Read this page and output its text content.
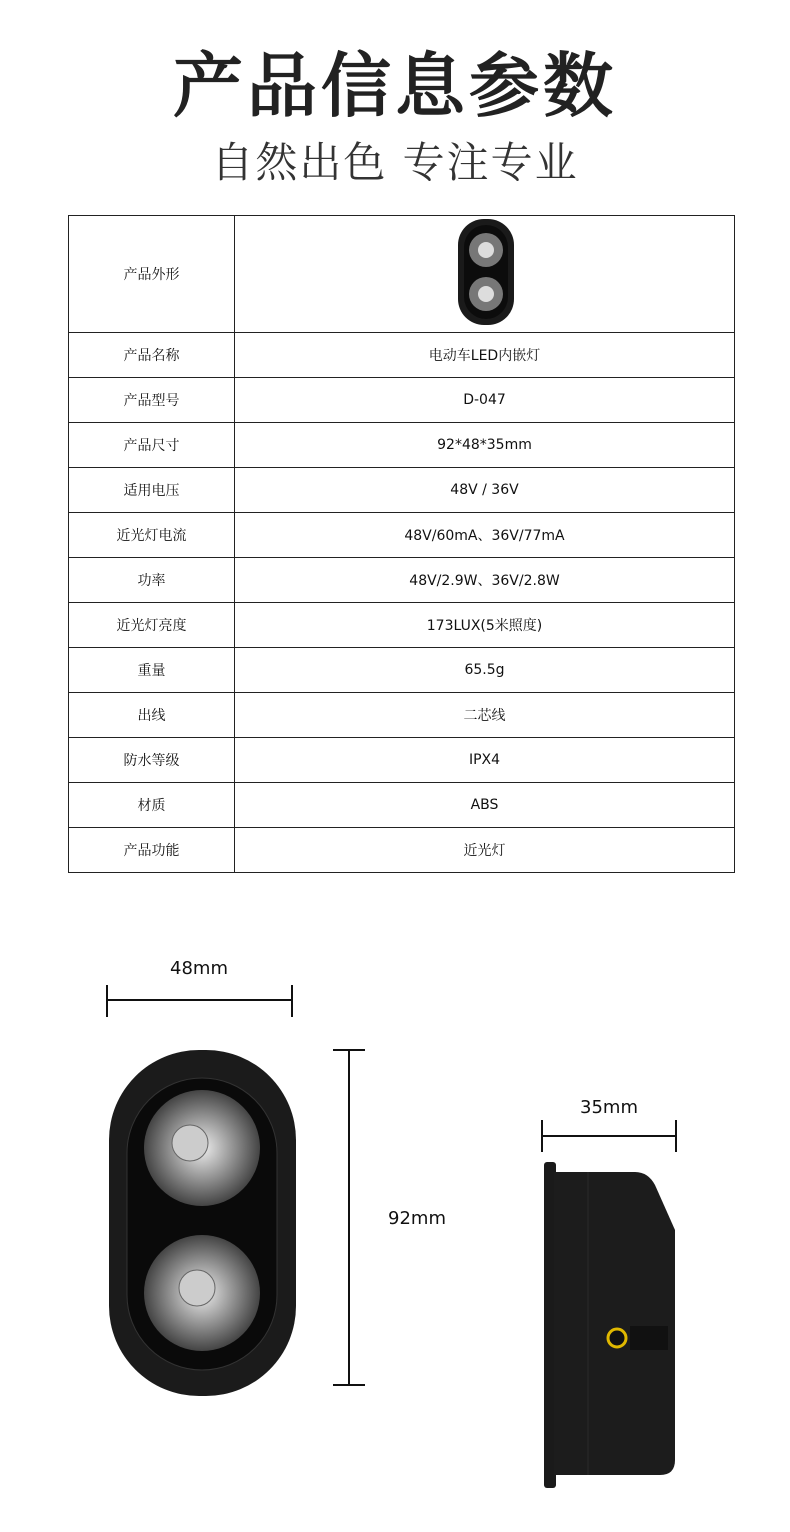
产品信息参数
自然出色 专注专业
产品外形	
产品名称	电动车LED内嵌灯
产品型号	D-047
产品尺寸	92*48*35mm
适用电压	48V / 36V
近光灯电流	48V/60mA、36V/77mA
功率	48V/2.9W、36V/2.8W
近光灯亮度	173LUX(5米照度)
重量	65.5g
出线	二芯线
防水等级	IPX4
材质	ABS
产品功能	近光灯
48mm
92mm
35mm
